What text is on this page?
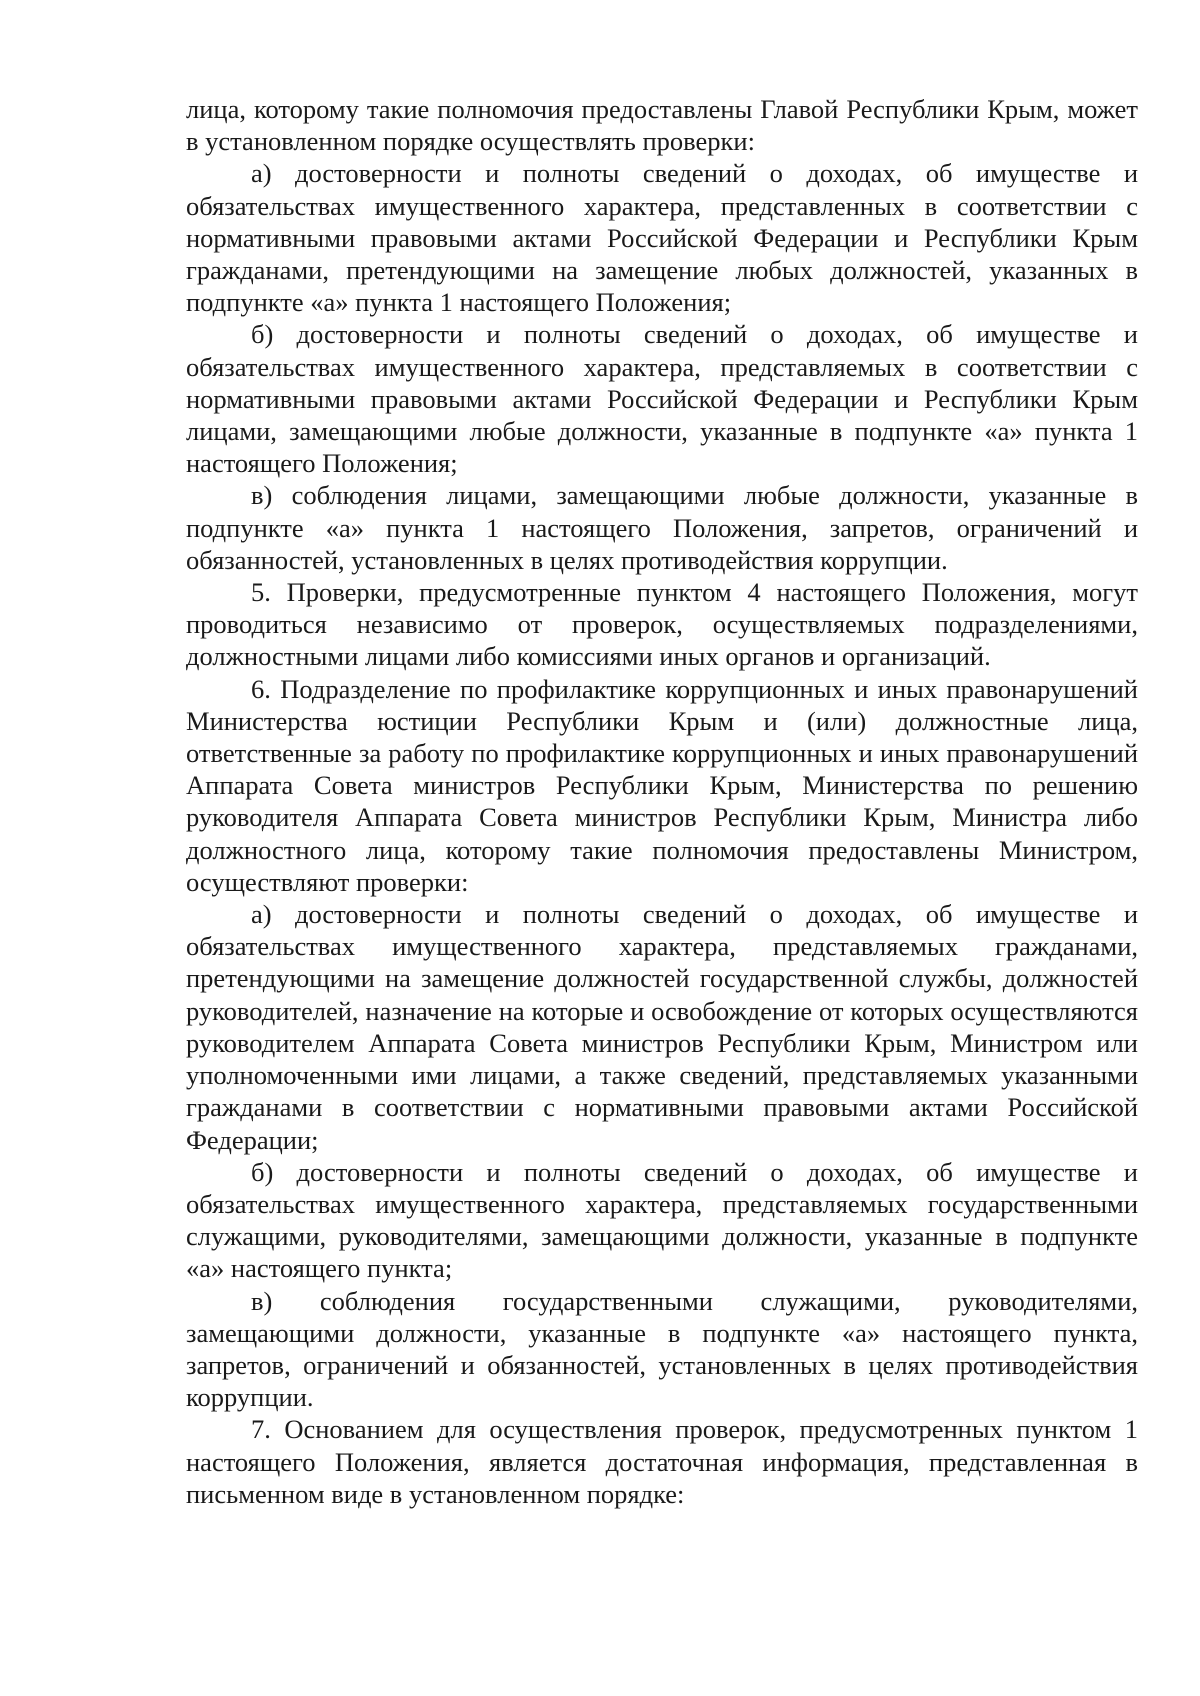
лица, которому такие полномочия предоставлены Главой Республики Крым, может в установленном порядке осуществлять проверки:

а) достоверности и полноты сведений о доходах, об имуществе и обязательствах имущественного характера, представленных в соответствии с нормативными правовыми актами Российской Федерации и Республики Крым гражданами, претендующими на замещение любых должностей, указанных в подпункте «а» пункта 1 настоящего Положения;

б) достоверности и полноты сведений о доходах, об имуществе и обязательствах имущественного характера, представляемых в соответствии с нормативными правовыми актами Российской Федерации и Республики Крым лицами, замещающими любые должности, указанные в подпункте «а» пункта 1 настоящего Положения;

в) соблюдения лицами, замещающими любые должности, указанные в подпункте «а» пункта 1 настоящего Положения, запретов, ограничений и обязанностей, установленных в целях противодействия коррупции.

5. Проверки, предусмотренные пунктом 4 настоящего Положения, могут проводиться независимо от проверок, осуществляемых подразделениями, должностными лицами либо комиссиями иных органов и организаций.

6. Подразделение по профилактике коррупционных и иных правонарушений Министерства юстиции Республики Крым и (или) должностные лица, ответственные за работу по профилактике коррупционных и иных правонарушений Аппарата Совета министров Республики Крым, Министерства по решению руководителя Аппарата Совета министров Республики Крым, Министра либо должностного лица, которому такие полномочия предоставлены Министром, осуществляют проверки:

а) достоверности и полноты сведений о доходах, об имуществе и обязательствах имущественного характера, представляемых гражданами, претендующими на замещение должностей государственной службы, должностей руководителей, назначение на которые и освобождение от которых осуществляются руководителем Аппарата Совета министров Республики Крым, Министром или уполномоченными ими лицами, а также сведений, представляемых указанными гражданами в соответствии с нормативными правовыми актами Российской Федерации;

б) достоверности и полноты сведений о доходах, об имуществе и обязательствах имущественного характера, представляемых государственными служащими, руководителями, замещающими должности, указанные в подпункте «а» настоящего пункта;

в) соблюдения государственными служащими, руководителями, замещающими должности, указанные в подпункте «а» настоящего пункта, запретов, ограничений и обязанностей, установленных в целях противодействия коррупции.

7. Основанием для осуществления проверок, предусмотренных пунктом 1 настоящего Положения, является достаточная информация, представленная в письменном виде в установленном порядке:
